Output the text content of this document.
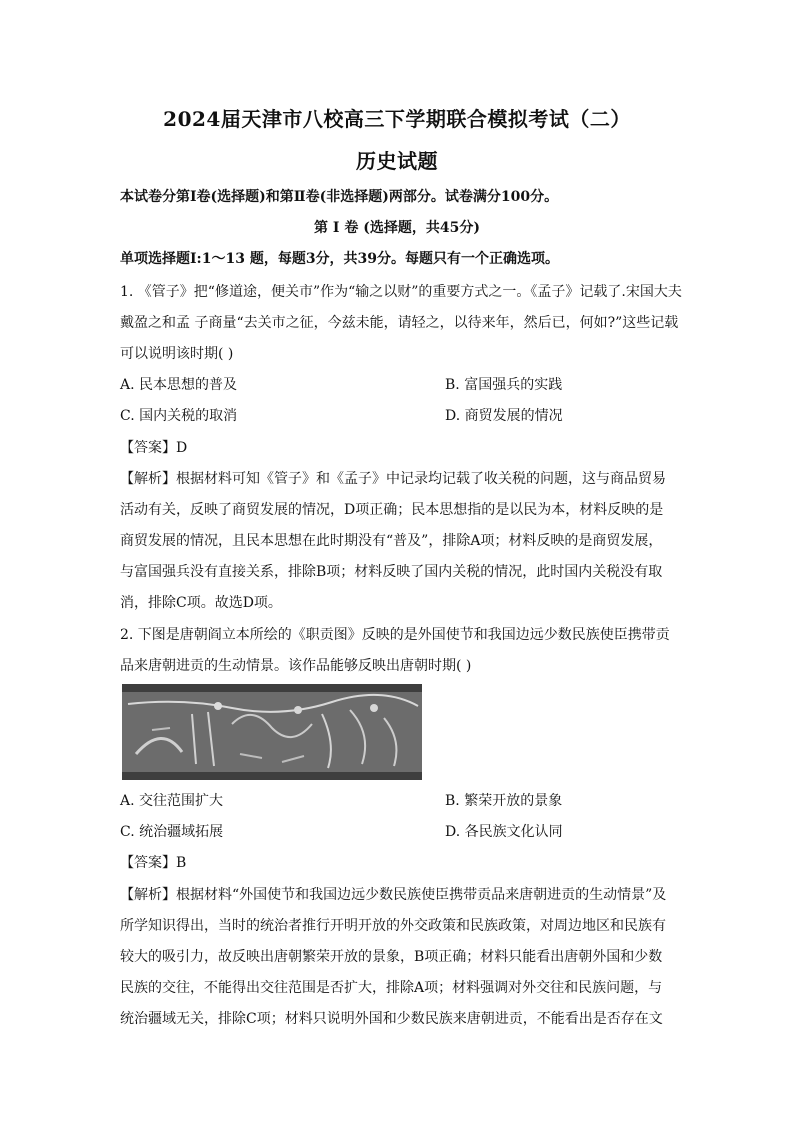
2024届天津市八校高三下学期联合模拟考试（二）
历史试题
本试卷分第Ⅰ卷(选择题)和第Ⅱ卷(非选择题)两部分。试卷满分100分。
第 Ⅰ 卷 (选择题，共45分)
单项选择题Ⅰ:1～13 题，每题3分，共39分。每题只有一个正确选项。
1. 《管子》把“修道途，便关市”作为“输之以财”的重要方式之一。《孟子》记载了.宋国大夫
戴盈之和孟 子商量“去关市之征，今兹未能，请轻之，以待来年，然后已，何如?”这些记载
可以说明该时期( )
A. 民本思想的普及	B. 富国强兵的实践
C. 国内关税的取消	D. 商贸发展的情况
【答案】D
【解析】根据材料可知《管子》和《孟子》中记录均记载了收关税的问题，这与商品贸易
活动有关，反映了商贸发展的情况，D项正确；民本思想指的是以民为本，材料反映的是
商贸发展的情况，且民本思想在此时期没有“普及”，排除A项；材料反映的是商贸发展，
与富国强兵没有直接关系，排除B项；材料反映了国内关税的情况，此时国内关税没有取
消，排除C项。故选D项。
2. 下图是唐朝阎立本所绘的《职贡图》反映的是外国使节和我国边远少数民族使臣携带贡
品来唐朝进贡的生动情景。该作品能够反映出唐朝时期( )
A. 交往范围扩大	B. 繁荣开放的景象
C. 统治疆域拓展	D. 各民族文化认同
【答案】B
【解析】根据材料“外国使节和我国边远少数民族使臣携带贡品来唐朝进贡的生动情景”及
所学知识得出，当时的统治者推行开明开放的外交政策和民族政策，对周边地区和民族有
较大的吸引力，故反映出唐朝繁荣开放的景象，B项正确；材料只能看出唐朝外国和少数
民族的交往，不能得出交往范围是否扩大，排除A项；材料强调对外交往和民族问题，与
统治疆域无关，排除C项；材料只说明外国和少数民族来唐朝进贡，不能看出是否存在文
